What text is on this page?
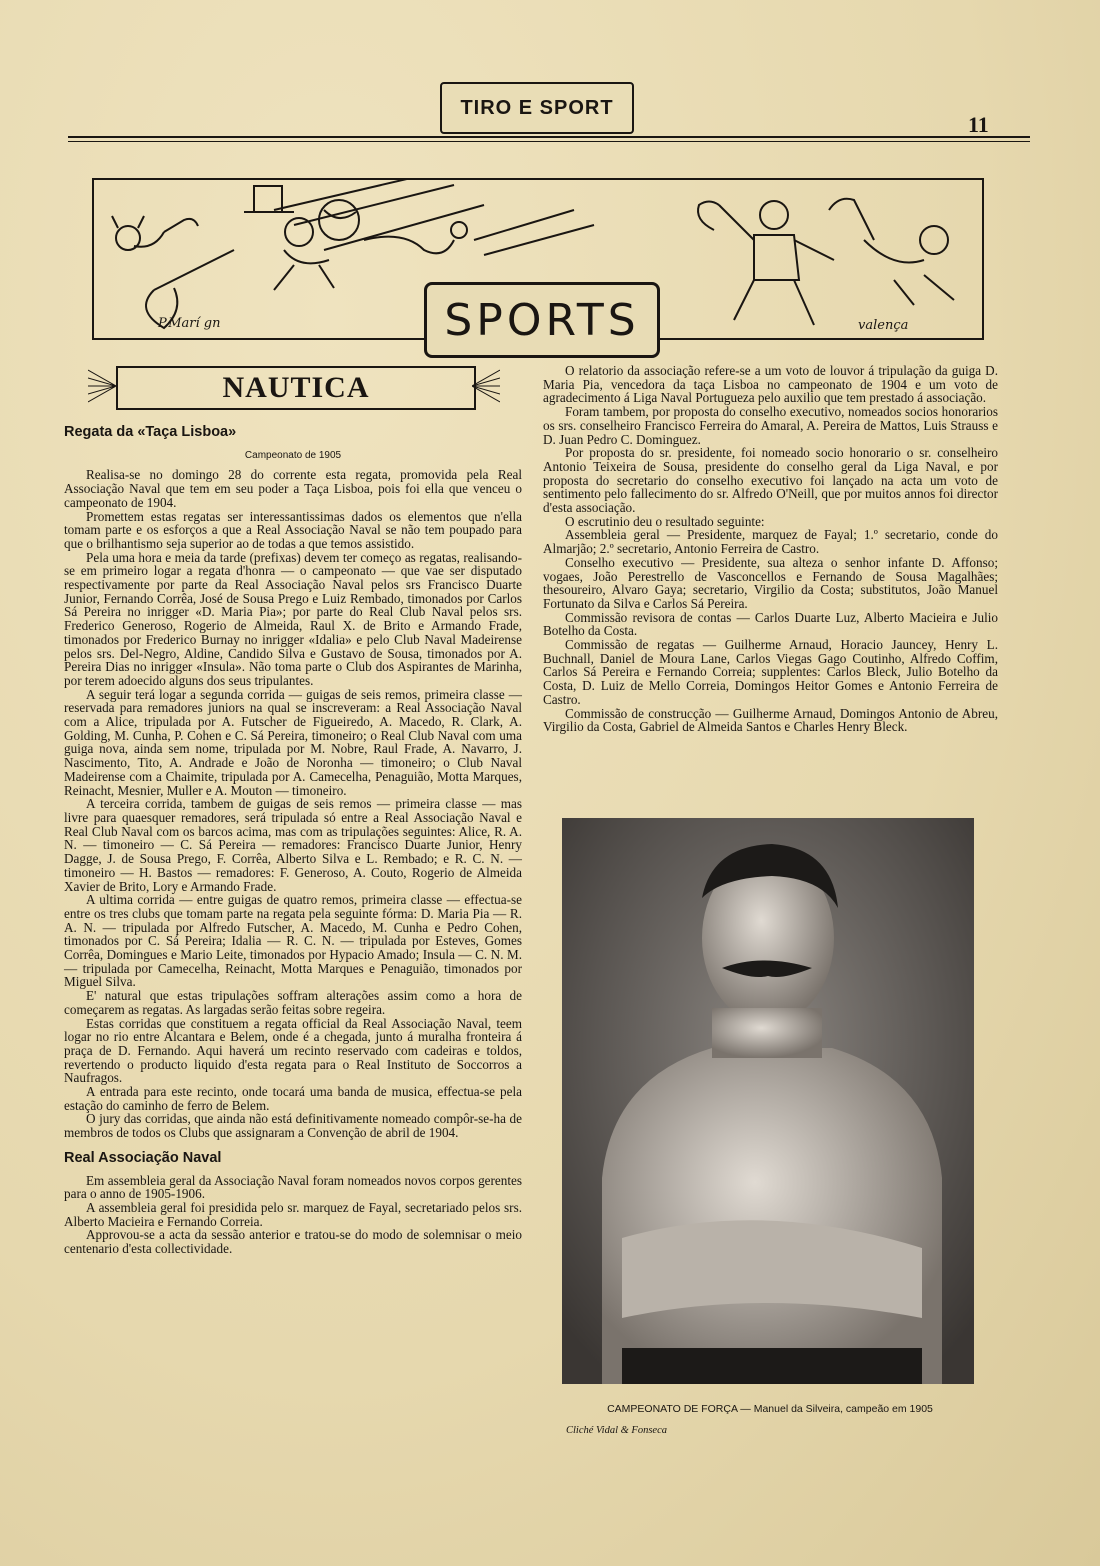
TIRO E SPORT
11
SPORTS
P.Marí gn	valença
NAUTICA

Regata da «Taça Lisboa»

Campeonato de 1905

Realisa-se no domingo 28 do corrente esta regata, promovida pela Real Associação Naval que tem em seu poder a Taça Lisboa, pois foi ella que venceu o campeonato de 1904.

Promettem estas regatas ser interessantissimas dados os elementos que n'ella tomam parte e os esforços a que a Real Associação Naval se não tem poupado para que o brilhantismo seja superior ao de todas a que temos assistido.

Pela uma hora e meia da tarde (prefixas) devem ter começo as regatas, realisando-se em primeiro logar a regata d'honra — o campeonato — que vae ser disputado respectivamente por parte da Real Associação Naval pelos srs Francisco Duarte Junior, Fernando Corrêa, José de Sousa Prego e Luiz Rembado, timonados por Carlos Sá Pereira no inrigger «D. Maria Pia»; por parte do Real Club Naval pelos srs. Frederico Generoso, Rogerio de Almeida, Raul X. de Brito e Armando Frade, timonados por Frederico Burnay no inrigger «Idalia» e pelo Club Naval Madeirense pelos srs. Del-Negro, Aldine, Candido Silva e Gustavo de Sousa, timonados por A. Pereira Dias no inrigger «Insula». Não toma parte o Club dos Aspirantes de Marinha, por terem adoecido alguns dos seus tripulantes.

A seguir terá logar a segunda corrida — guigas de seis remos, primeira classe — reservada para remadores juniors na qual se inscreveram: a Real Associação Naval com a Alice, tripulada por A. Futscher de Figueiredo, A. Macedo, R. Clark, A. Golding, M. Cunha, P. Cohen e C. Sá Pereira, timoneiro; o Real Club Naval com uma guiga nova, ainda sem nome, tripulada por M. Nobre, Raul Frade, A. Navarro, J. Nascimento, Tito, A. Andrade e João de Noronha — timoneiro; o Club Naval Madeirense com a Chaimite, tripulada por A. Camecelha, Penaguião, Motta Marques, Reinacht, Mesnier, Muller e A. Mouton — timoneiro.

A terceira corrida, tambem de guigas de seis remos — primeira classe — mas livre para quaesquer remadores, será tripulada só entre a Real Associação Naval e Real Club Naval com os barcos acima, mas com as tripulações seguintes: Alice, R. A. N. — timoneiro — C. Sá Pereira — remadores: Francisco Duarte Junior, Henry Dagge, J. de Sousa Prego, F. Corrêa, Alberto Silva e L. Rembado; e R. C. N. — timoneiro — H. Bastos — remadores: F. Generoso, A. Couto, Rogerio de Almeida Xavier de Brito, Lory e Armando Frade.

A ultima corrida — entre guigas de quatro remos, primeira classe — effectua-se entre os tres clubs que tomam parte na regata pela seguinte fórma: D. Maria Pia — R. A. N. — tripulada por Alfredo Futscher, A. Macedo, M. Cunha e Pedro Cohen, timonados por C. Sá Pereira; Idalia — R. C. N. — tripulada por Esteves, Gomes Corrêa, Domingues e Mario Leite, timonados por Hypacio Amado; Insula — C. N. M. — tripulada por Camecelha, Reinacht, Motta Marques e Penaguião, timonados por Miguel Silva.

E' natural que estas tripulações soffram alterações assim como a hora de começarem as regatas. As largadas serão feitas sobre regeira.

Estas corridas que constituem a regata official da Real Associação Naval, teem logar no rio entre Alcantara e Belem, onde é a chegada, junto á muralha fronteira á praça de D. Fernando. Aqui haverá um recinto reservado com cadeiras e toldos, revertendo o producto liquido d'esta regata para o Real Instituto de Soccorros a Naufragos.

A entrada para este recinto, onde tocará uma banda de musica, effectua-se pela estação do caminho de ferro de Belem.

O jury das corridas, que ainda não está definitivamente nomeado compôr-se-ha de membros de todos os Clubs que assignaram a Convenção de abril de 1904.

Real Associação Naval

Em assembleia geral da Associação Naval foram nomeados novos corpos gerentes para o anno de 1905-1906.

A assembleia geral foi presidida pelo sr. marquez de Fayal, secretariado pelos srs. Alberto Macieira e Fernando Correia.

Approvou-se a acta da sessão anterior e tratou-se do modo de solemnisar o meio centenario d'esta collectividade.

O relatorio da associação refere-se a um voto de louvor á tripulação da guiga D. Maria Pia, vencedora da taça Lisboa no campeonato de 1904 e um voto de agradecimento á Liga Naval Portugueza pelo auxilio que tem prestado á associação.

Foram tambem, por proposta do conselho executivo, nomeados socios honorarios os srs. conselheiro Francisco Ferreira do Amaral, A. Pereira de Mattos, Luis Strauss e D. Juan Pedro C. Dominguez.

Por proposta do sr. presidente, foi nomeado socio honorario o sr. conselheiro Antonio Teixeira de Sousa, presidente do conselho geral da Liga Naval, e por proposta do secretario do conselho executivo foi lançado na acta um voto de sentimento pelo fallecimento do sr. Alfredo O'Neill, que por muitos annos foi director d'esta associação.

O escrutinio deu o resultado seguinte:

Assembleia geral — Presidente, marquez de Fayal; 1.º secretario, conde do Almarjão; 2.º secretario, Antonio Ferreira de Castro.

Conselho executivo — Presidente, sua alteza o senhor infante D. Affonso; vogaes, João Perestrello de Vasconcellos e Fernando de Sousa Magalhães; thesoureiro, Alvaro Gaya; secretario, Virgilio da Costa; substitutos, João Manuel Fortunato da Silva e Carlos Sá Pereira.

Commissão revisora de contas — Carlos Duarte Luz, Alberto Macieira e Julio Botelho da Costa.

Commissão de regatas — Guilherme Arnaud, Horacio Jauncey, Henry L. Buchnall, Daniel de Moura Lane, Carlos Viegas Gago Coutinho, Alfredo Coffim, Carlos Sá Pereira e Fernando Correia; supplentes: Carlos Bleck, Julio Botelho da Costa, D. Luiz de Mello Correia, Domingos Heitor Gomes e Antonio Ferreira de Castro.

Commissão de construcção — Guilherme Arnaud, Domingos Antonio de Abreu, Virgilio da Costa, Gabriel de Almeida Santos e Charles Henry Bleck.

CAMPEONATO DE FORÇA — Manuel da Silveira, campeão em 1905
Cliché Vidal & Fonseca
